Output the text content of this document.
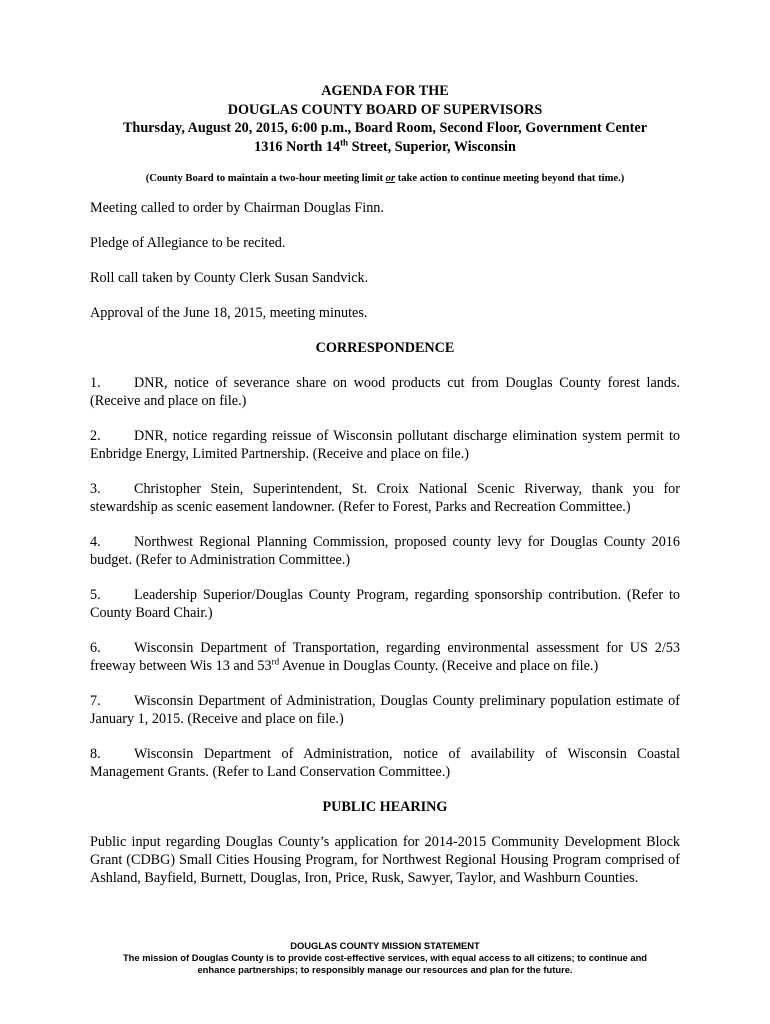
AGENDA FOR THE
DOUGLAS COUNTY BOARD OF SUPERVISORS
Thursday, August 20, 2015, 6:00 p.m., Board Room, Second Floor, Government Center
1316 North 14th Street, Superior, Wisconsin
(County Board to maintain a two-hour meeting limit or take action to continue meeting beyond that time.)

Meeting called to order by Chairman Douglas Finn.

Pledge of Allegiance to be recited.

Roll call taken by County Clerk Susan Sandvick.

Approval of the June 18, 2015, meeting minutes.

CORRESPONDENCE

1. DNR, notice of severance share on wood products cut from Douglas County forest lands. (Receive and place on file.)

2. DNR, notice regarding reissue of Wisconsin pollutant discharge elimination system permit to Enbridge Energy, Limited Partnership. (Receive and place on file.)

3. Christopher Stein, Superintendent, St. Croix National Scenic Riverway, thank you for stewardship as scenic easement landowner. (Refer to Forest, Parks and Recreation Committee.)

4. Northwest Regional Planning Commission, proposed county levy for Douglas County 2016 budget. (Refer to Administration Committee.)

5. Leadership Superior/Douglas County Program, regarding sponsorship contribution. (Refer to County Board Chair.)

6. Wisconsin Department of Transportation, regarding environmental assessment for US 2/53 freeway between Wis 13 and 53rd Avenue in Douglas County. (Receive and place on file.)

7. Wisconsin Department of Administration, Douglas County preliminary population estimate of January 1, 2015. (Receive and place on file.)

8. Wisconsin Department of Administration, notice of availability of Wisconsin Coastal Management Grants. (Refer to Land Conservation Committee.)

PUBLIC HEARING

Public input regarding Douglas County’s application for 2014-2015 Community Development Block Grant (CDBG) Small Cities Housing Program, for Northwest Regional Housing Program comprised of Ashland, Bayfield, Burnett, Douglas, Iron, Price, Rusk, Sawyer, Taylor, and Washburn Counties.

DOUGLAS COUNTY MISSION STATEMENT
The mission of Douglas County is to provide cost-effective services, with equal access to all citizens; to continue and
enhance partnerships; to responsibly manage our resources and plan for the future.
